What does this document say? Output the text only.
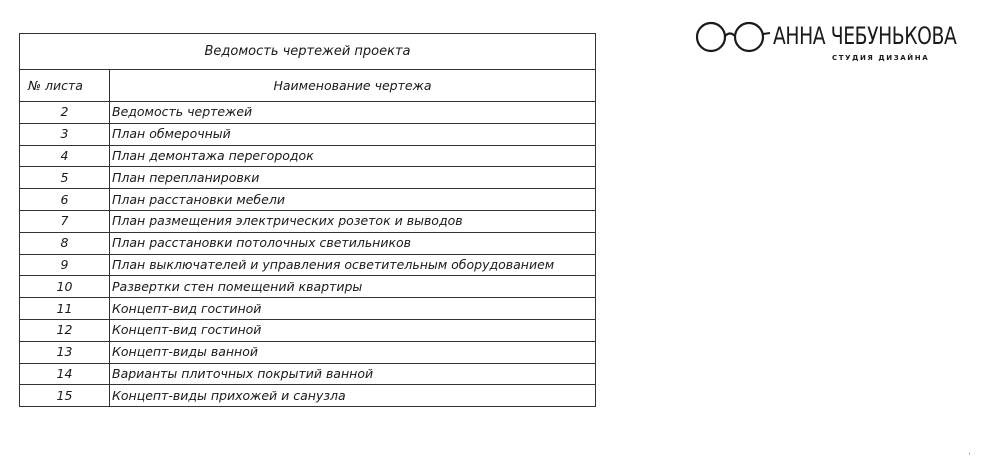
Ведомость чертежей проекта	
№ листа	Наименование чертежа
2	Ведомость чертежей
3	План обмерочный
4	План демонтажа перегородок
5	План перепланировки
6	План расстановки мебели
7	План размещения электрических розеток и выводов
8	План расстановки потолочных светильников
9	План выключателей и управления осветительным оборудованием
10	Развертки стен помещений квартиры
11	Концепт-вид гостиной
12	Концепт-вид гостиной
13	Концепт-виды ванной
14	Варианты плиточных покрытий ванной
15	Концепт-виды прихожей и санузла
АННА ЧЕБУНЬКОВА
СТУДИЯ ДИЗАЙНА
